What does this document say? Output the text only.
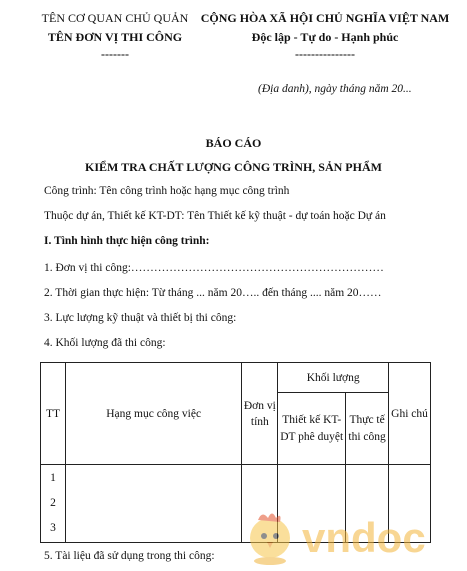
TÊN CƠ QUAN CHỦ QUẢN
TÊN ĐƠN VỊ THI CÔNG
-------
CỘNG HÒA XÃ HỘI CHỦ NGHĨA VIỆT NAM
Độc lập - Tự do - Hạnh phúc
---------------
(Địa danh), ngày tháng năm 20...
BÁO CÁO
KIỂM TRA CHẤT LƯỢNG CÔNG TRÌNH, SẢN PHẨM
Công trình: Tên công trình hoặc hạng mục công trình
Thuộc dự án, Thiết kế KT-DT: Tên Thiết kế kỹ thuật - dự toán hoặc Dự án
I. Tình hình thực hiện công trình:
1. Đơn vị thi công:…………………………………………………………
2. Thời gian thực hiện: Từ tháng ... năm 20….. đến tháng .... năm 20……
3. Lực lượng kỹ thuật và thiết bị thi công:
4. Khối lượng đã thi công:
TT	Hạng mục công việc	Đơn vị tính	Khối lượng		Ghi chú
			Thiết kế KT-DT phê duyệt	Thực tế thi công	

1
2
3					

5. Tài liệu đã sử dụng trong thi công: vndoc
